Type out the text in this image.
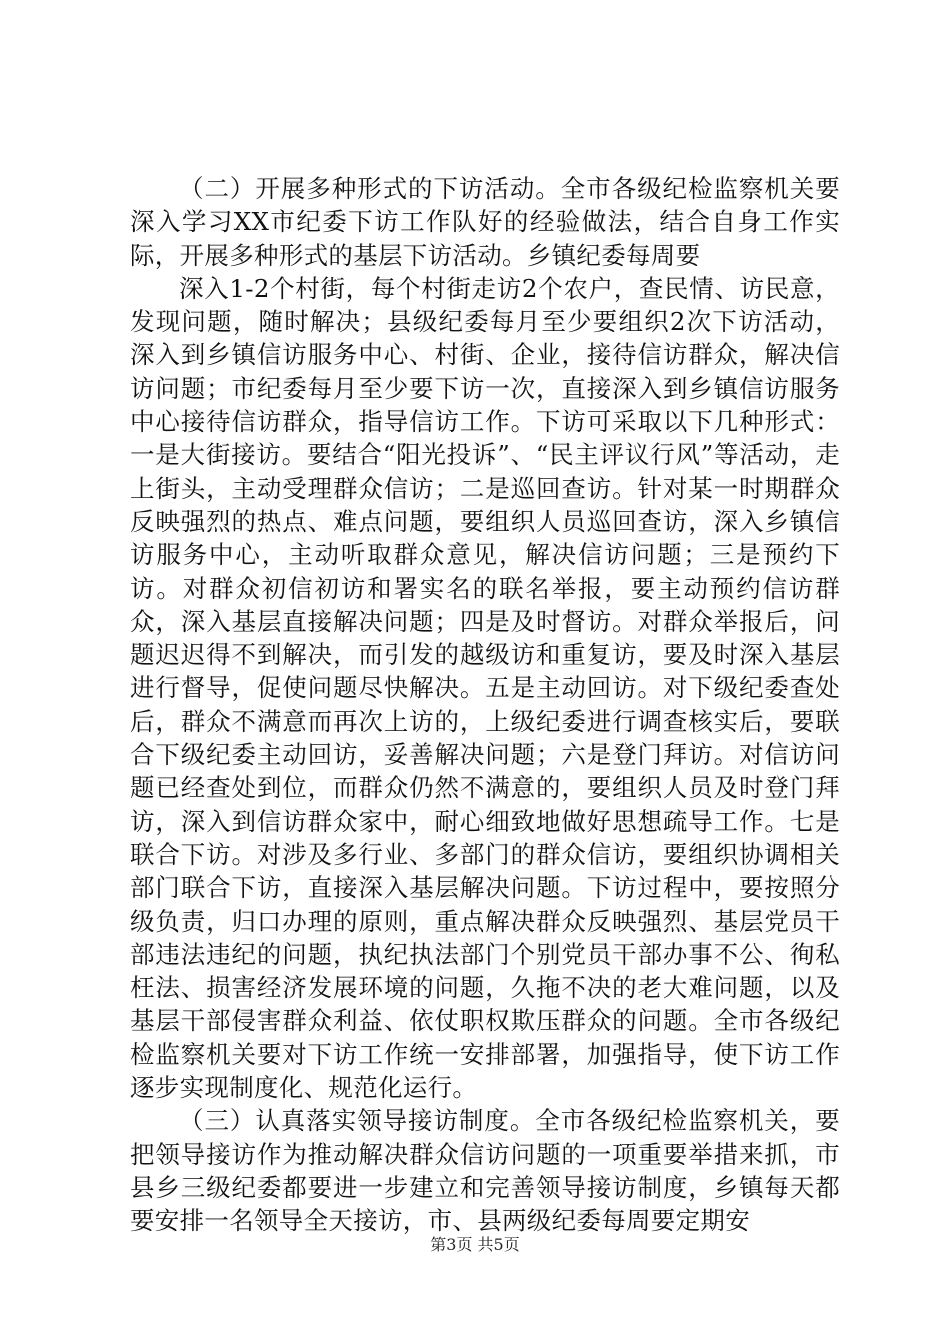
（二）开展多种形式的下访活动。全市各级纪检监察机关要深入学习XX市纪委下访工作队好的经验做法，结合自身工作实际，开展多种形式的基层下访活动。乡镇纪委每周要

深入1-2个村街，每个村街走访2个农户，查民情、访民意，发现问题，随时解决；县级纪委每月至少要组织2次下访活动，深入到乡镇信访服务中心、村街、企业，接待信访群众，解决信访问题；市纪委每月至少要下访一次，直接深入到乡镇信访服务中心接待信访群众，指导信访工作。下访可采取以下几种形式：一是大街接访。要结合“阳光投诉”、“民主评议行风”等活动，走上街头，主动受理群众信访；二是巡回查访。针对某一时期群众反映强烈的热点、难点问题，要组织人员巡回查访，深入乡镇信访服务中心，主动听取群众意见，解决信访问题；三是预约下访。对群众初信初访和署实名的联名举报，要主动预约信访群众，深入基层直接解决问题；四是及时督访。对群众举报后，问题迟迟得不到解决，而引发的越级访和重复访，要及时深入基层进行督导，促使问题尽快解决。五是主动回访。对下级纪委查处后，群众不满意而再次上访的，上级纪委进行调查核实后，要联合下级纪委主动回访，妥善解决问题；六是登门拜访。对信访问题已经查处到位，而群众仍然不满意的，要组织人员及时登门拜访，深入到信访群众家中，耐心细致地做好思想疏导工作。七是联合下访。对涉及多行业、多部门的群众信访，要组织协调相关部门联合下访，直接深入基层解决问题。下访过程中，要按照分级负责，归口办理的原则，重点解决群众反映强烈、基层党员干部违法违纪的问题，执纪执法部门个别党员干部办事不公、徇私枉法、损害经济发展环境的问题，久拖不决的老大难问题，以及基层干部侵害群众利益、依仗职权欺压群众的问题。全市各级纪检监察机关要对下访工作统一安排部署，加强指导，使下访工作逐步实现制度化、规范化运行。

（三）认真落实领导接访制度。全市各级纪检监察机关，要把领导接访作为推动解决群众信访问题的一项重要举措来抓，市县乡三级纪委都要进一步建立和完善领导接访制度，乡镇每天都要安排一名领导全天接访，市、县两级纪委每周要定期安

第3页 共5页
